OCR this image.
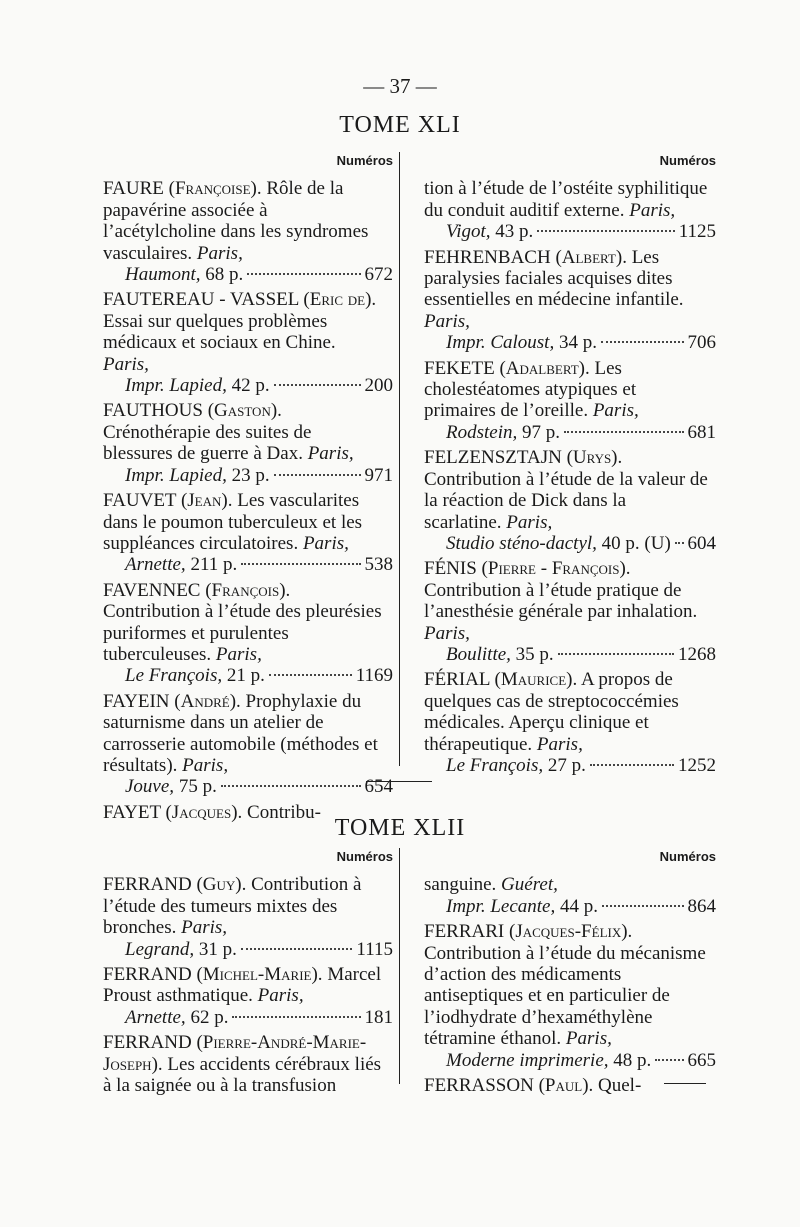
— 37 —
TOME XLI
Numéros
FAURE (Françoise). Rôle de la papavérine associée à l’acétylcholine dans les syndromes vasculaires. Paris,
Haumont, 68 p.	672
FAUTEREAU - VASSEL (Eric de). Essai sur quelques problèmes médicaux et sociaux en Chine. Paris,
Impr. Lapied, 42 p.	200
FAUTHOUS (Gaston). Crénothérapie des suites de blessures de guerre à Dax. Paris,
Impr. Lapied, 23 p.	971
FAUVET (Jean). Les vascularites dans le poumon tuberculeux et les suppléances circulatoires. Paris,
Arnette, 211 p.	538
FAVENNEC (François). Contribution à l’étude des pleurésies puriformes et purulentes tuberculeuses. Paris,
Le François, 21 p.	1169
FAYEIN (André). Prophylaxie du saturnisme dans un atelier de carrosserie automobile (méthodes et résultats). Paris,
Jouve, 75 p.	654
FAYET (Jacques). Contribu-
Numéros
tion à l’étude de l’ostéite syphilitique du conduit auditif externe. Paris,
Vigot, 43 p.	1125
FEHRENBACH (Albert). Les paralysies faciales acquises dites essentielles en médecine infantile. Paris,
Impr. Caloust, 34 p.	706
FEKETE (Adalbert). Les cholestéatomes atypiques et primaires de l’oreille. Paris,
Rodstein, 97 p.	681
FELZENSZTAJN (Urys). Contribution à l’étude de la valeur de la réaction de Dick dans la scarlatine. Paris,
Studio sténo-dactyl, 40 p. (U) 604
FÉNIS (Pierre - François). Contribution à l’étude pratique de l’anesthésie générale par inhalation. Paris,
Boulitte, 35 p.	1268
FÉRIAL (Maurice). A propos de quelques cas de streptococcémies médicales. Aperçu clinique et thérapeutique. Paris,
Le François, 27 p.	1252
TOME XLII
Numéros
FERRAND (Guy). Contribution à l’étude des tumeurs mixtes des bronches. Paris,
Legrand, 31 p.	1115
FERRAND (Michel-Marie). Marcel Proust asthmatique. Paris,
Arnette, 62 p.	181
FERRAND (Pierre-André-Marie-Joseph). Les accidents cérébraux liés à la saignée ou à la transfusion
Numéros
sanguine. Guéret,
Impr. Lecante, 44 p.	864
FERRARI (Jacques-Félix). Contribution à l’étude du mécanisme d’action des médicaments antiseptiques et en particulier de l’iodhydrate d’hexaméthylène tétramine éthanol. Paris,
Moderne imprimerie, 48 p. 665
FERRASSON (Paul). Quel-
